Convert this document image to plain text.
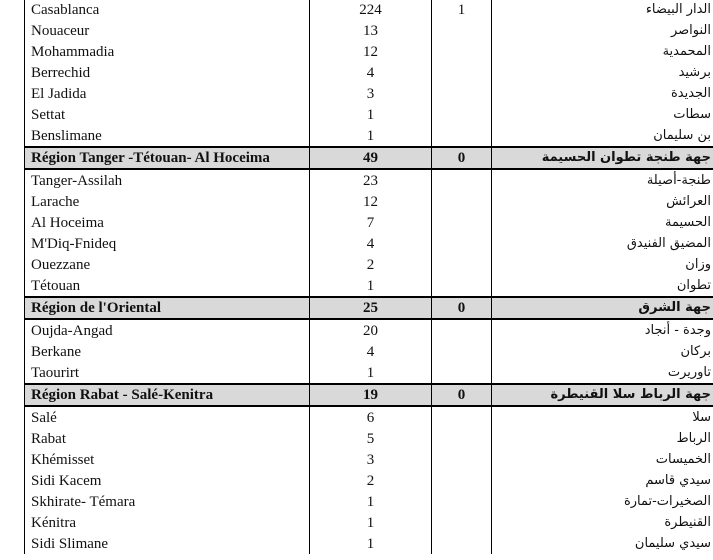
Casablanca	224	1	الدار البيضاء
Nouaceur	13		النواصر
Mohammadia	12		المحمدية
Berrechid	4		برشيد
El Jadida	3		الجديدة
Settat	1		سطات
Benslimane	1		بن سليمان
Région Tanger -Tétouan- Al Hoceima	49	0	جهة طنجة تطوان الحسيمة
Tanger-Assilah	23		طنجة-أصيلة
Larache	12		العرائش
Al Hoceima	7		الحسيمة
M'Diq-Fnideq	4		المضيق الفنيدق
Ouezzane	2		وزان
Tétouan	1		تطوان
Région de l'Oriental	25	0	جهة الشرق
Oujda-Angad	20		وجدة - أنجاد
Berkane	4		بركان
Taourirt	1		تاوريرت
Région Rabat - Salé-Kenitra	19	0	جهة الرباط سلا القنيطرة
Salé	6		سلا
Rabat	5		الرباط
Khémisset	3		الخميسات
Sidi Kacem	2		سيدي قاسم
Skhirate- Témara	1		الصخيرات-تمارة
Kénitra	1		القنيطرة
Sidi Slimane	1		سيدي سليمان
